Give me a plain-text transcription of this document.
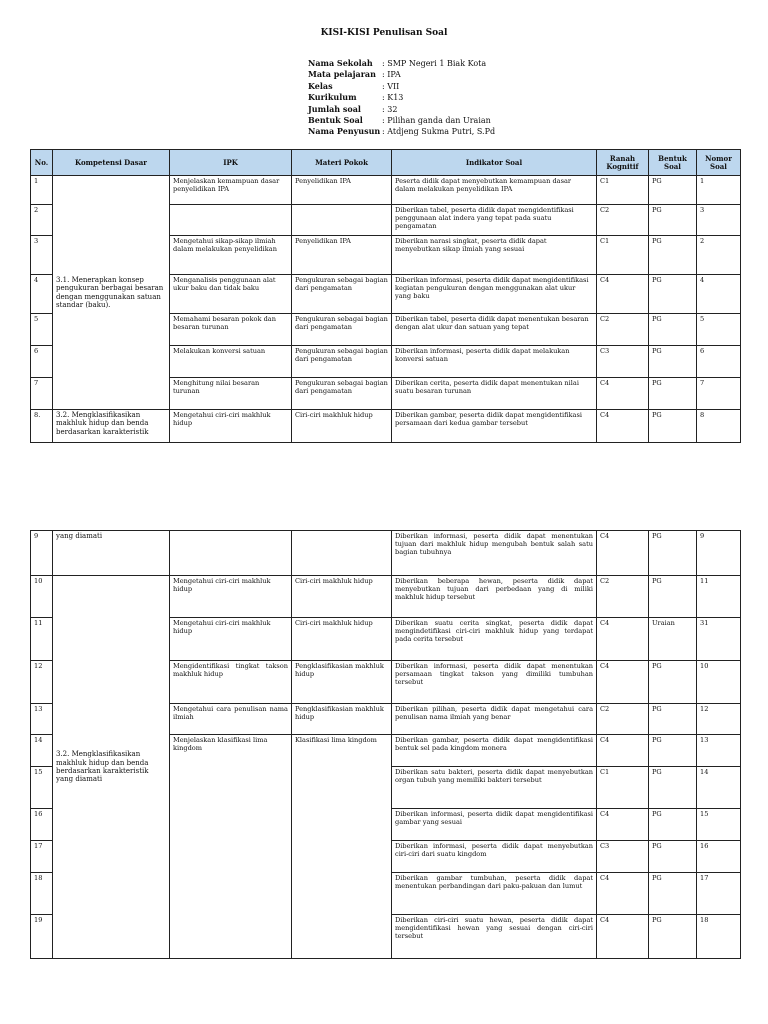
KISI-KISI Penulisan Soal
Nama Sekolah	: SMP Negeri 1 Biak Kota
Mata pelajaran : IPA
Kelas	: VII
Kurikulum	: K13
Jumlah soal	: 32
Bentuk Soal	: Pilihan ganda dan Uraian
Nama Penyusun : Atdjeng Sukma Putri, S.Pd
No.	Kompetensi Dasar	IPK	Materi Pokok	Indikator Soal	Ranah Kognitif	Bentuk Soal	Nomor Soal
1	3.1. Menerapkan konsep pengukuran berbagai besaran dengan menggunakan satuan standar (baku).	Menjelaskan kemampuan dasar penyelidikan IPA	Penyelidikan IPA	Peserta didik dapat menyebutkan kemampuan dasar dalam melakukan penyelidikan IPA	C1	PG	1
2				Diberikan tabel, peserta didik dapat mengidentifikasi penggunaan alat indera yang tepat pada suatu pengamatan	C2	PG	3
3		Mengetahui sikap-sikap ilmiah dalam melakukan penyelidikan	Penyelidikan IPA	Diberikan narasi singkat, peserta didik dapat menyebutkan sikap ilmiah yang sesuai	C1	PG	2
4		Menganalisis penggunaan alat ukur baku dan tidak baku	Pengukuran sebagai bagian dari pengamatan	Diberikan informasi, peserta didik dapat mengidentifikasi kegiatan pengukuran dengan menggunakan alat ukur yang baku	C4	PG	4
5		Memahami besaran pokok dan besaran turunan	Pengukuran sebagai bagian dari pengamatan	Diberikan tabel, peserta didik dapat menentukan besaran dengan alat ukur dan satuan yang tepat	C2	PG	5
6		Melakukan konversi satuan	Pengukuran sebagai bagian dari pengamatan	Diberikan informasi, peserta didik dapat melakukan konversi satuan	C3	PG	6
7		Menghitung nilai besaran turunan	Pengukuran sebagai bagian dari pengamatan	Diberikan cerita, peserta didik dapat menentukan nilai suatu besaran turunan	C4	PG	7
8.	3.2. Mengklasifikasikan makhluk hidup dan benda berdasarkan karakteristik	Mengetahui ciri-ciri makhluk hidup	Ciri-ciri makhluk hidup	Diberikan gambar, peserta didik dapat mengidentifikasi persamaan dari kedua gambar tersebut	C4	PG	8
9	yang diamati			Diberikan informasi, peserta didik dapat menentukan tujuan dari makhluk hidup mengubah bentuk salah satu bagian tubuhnya	C4	PG	9
10	3.2. Mengklasifikasikan makhluk hidup dan benda berdasarkan karakteristik yang diamati	Mengetahui ciri-ciri makhluk hidup	Ciri-ciri makhluk hidup	Diberikan beberapa hewan, peserta didik dapat menyebutkan tujuan dari perbedaan yang di miliki makhluk hidup tersebut	C2	PG	11
11		Mengetahui ciri-ciri makhluk hidup	Ciri-ciri makhluk hidup	Diberikan suatu cerita singkat, peserta didik dapat mengindetifikasi ciri-ciri makhluk hidup yang terdapat pada cerita tersebut	C4	Uraian	31
12		Mengidentifikasi tingkat takson makhluk hidup	Pengklasifikasian makhluk hidup	Diberikan informasi, peserta didik dapat menentukan persamaan tingkat takson yang dimiliki tumbuhan tersebut	C4	PG	10
13		Mengetahui cara penulisan nama ilmiah	Pengklasifikasian makhluk hidup	Diberikan pilihan, peserta didik dapat mengetahui cara penulisan nama ilmiah yang benar	C2	PG	12
14		Menjelaskan klasifikasi lima kingdom	Klasifikasi lima kingdom	Diberikan gambar, peserta didik dapat mengidentifikasi bentuk sel pada kingdom monera	C4	PG	13
15				Diberikan satu bakteri, peserta didik dapat menyebutkan organ tubuh yang memiliki bakteri tersebut	C1	PG	14
16				Diberikan informasi, peserta didik dapat mengidentifikasi gambar yang sesuai	C4	PG	15
17				Diberikan informasi, peserta didik dapat menyebutkan ciri-ciri dari suatu kingdom	C3	PG	16
18				Diberikan gambar tumbuhan, peserta didik dapat menentukan perbandingan dari paku-pakuan dan lumut	C4	PG	17
19				Diberikan ciri-ciri suatu hewan, peserta didik dapat mengidentifikasi hewan yang sesuai dengan ciri-ciri tersebut	C4	PG	18
